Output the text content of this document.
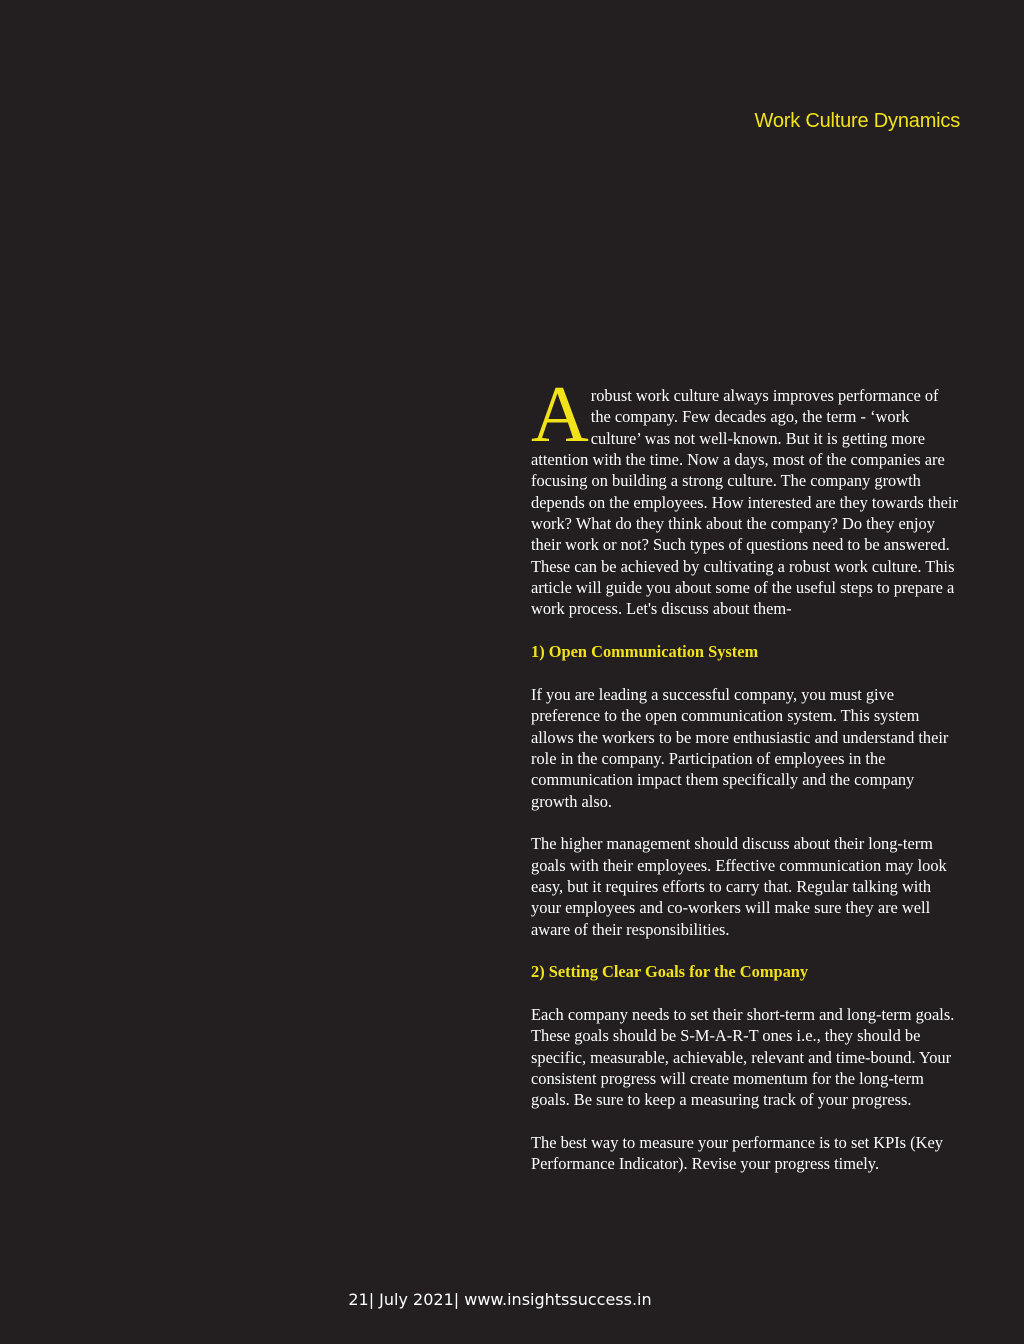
Work Culture Dynamics

Arobust work culture always improves performance of the company. Few decades ago, the term - ‘work culture’ was not well-known. But it is getting more attention with the time. Now a days, most of the companies are focusing on building a strong culture. The company growth depends on the employees. How interested are they towards their work? What do they think about the company? Do they enjoy their work or not? Such types of questions need to be answered. These can be achieved by cultivating a robust work culture. This article will guide you about some of the useful steps to prepare a work process. Let's discuss about them-

1) Open Communication System

If you are leading a successful company, you must give preference to the open communication system. This system allows the workers to be more enthusiastic and understand their role in the company. Participation of employees in the communication impact them specifically and the company growth also.

The higher management should discuss about their long-term goals with their employees. Effective communication may look easy, but it requires efforts to carry that. Regular talking with your employees and co-workers will make sure they are well aware of their responsibilities.

2) Setting Clear Goals for the Company

Each company needs to set their short-term and long-term goals. These goals should be S-M-A-R-T ones i.e., they should be specific, measurable, achievable, relevant and time-bound. Your consistent progress will create momentum for the long-term goals. Be sure to keep a measuring track of your progress.

The best way to measure your performance is to set KPIs (Key Performance Indicator). Revise your progress timely.

21| July 2021| www.insightssuccess.in
